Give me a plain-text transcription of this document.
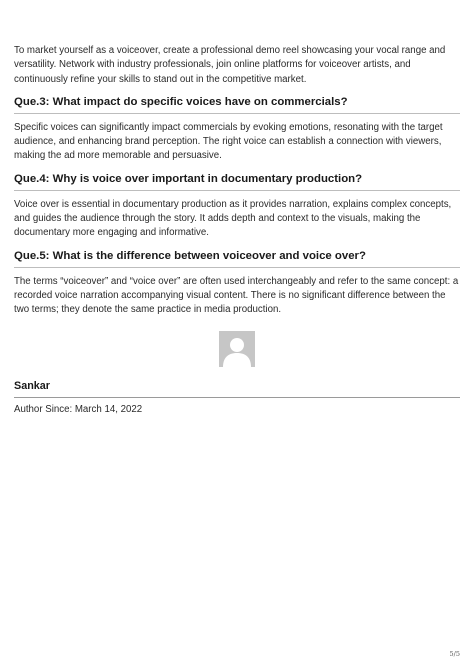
To market yourself as a voiceover, create a professional demo reel showcasing your vocal range and versatility. Network with industry professionals, join online platforms for voiceover artists, and continuously refine your skills to stand out in the competitive market.

Que.3: What impact do specific voices have on commercials?

Specific voices can significantly impact commercials by evoking emotions, resonating with the target audience, and enhancing brand perception. The right voice can establish a connection with viewers, making the ad more memorable and persuasive.

Que.4: Why is voice over important in documentary production?

Voice over is essential in documentary production as it provides narration, explains complex concepts, and guides the audience through the story. It adds depth and context to the visuals, making the documentary more engaging and informative.

Que.5: What is the difference between voiceover and voice over?

The terms “voiceover” and “voice over” are often used interchangeably and refer to the same concept: a recorded voice narration accompanying visual content. There is no significant difference between the two terms; they denote the same practice in media production.

Sankar
Author Since: March 14, 2022
5/5
